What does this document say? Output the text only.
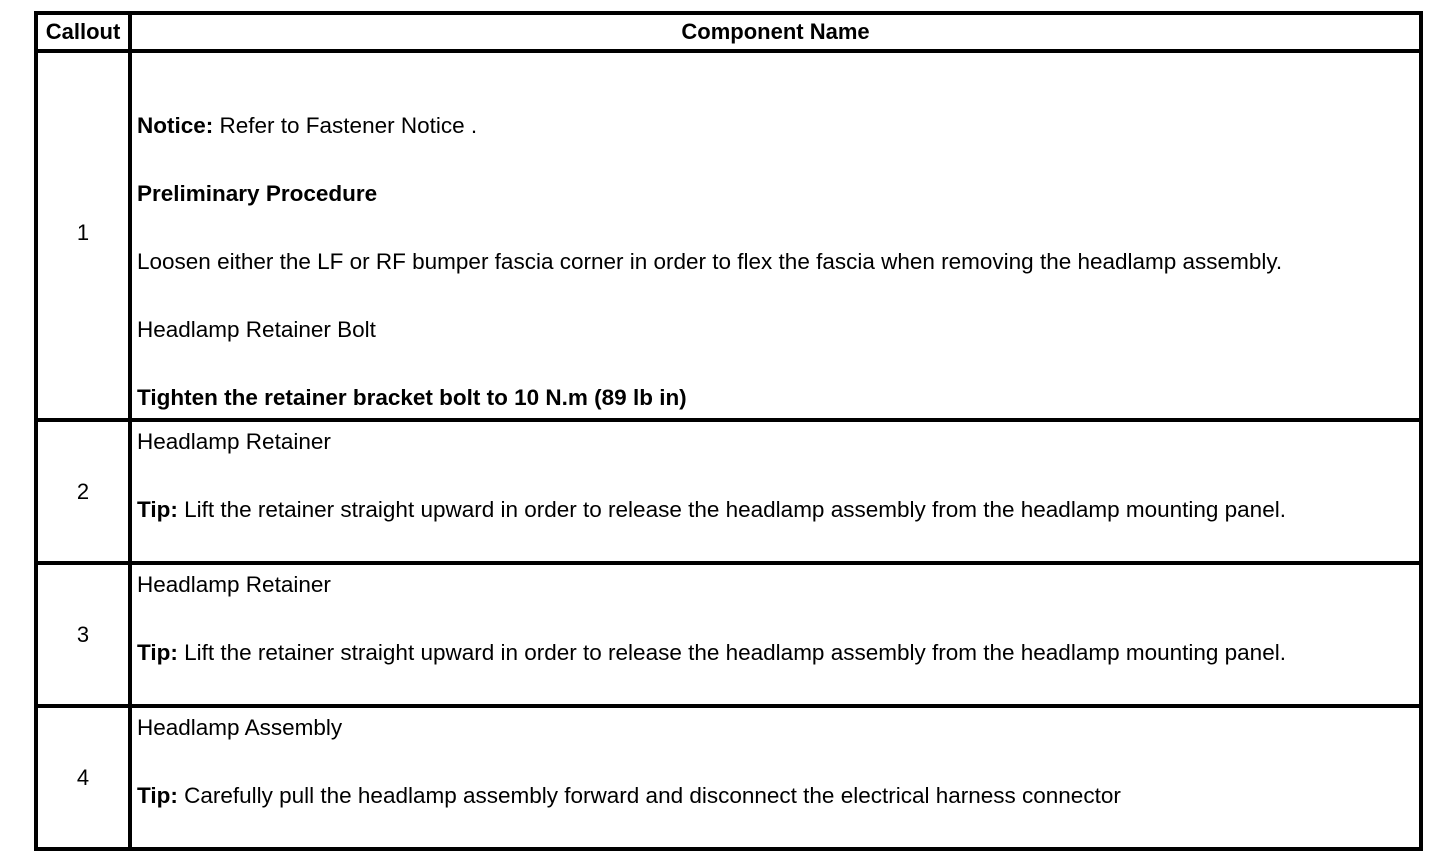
Callout	Component Name
1	Notice: Refer to Fastener Notice .
Preliminary Procedure
Loosen either the LF or RF bumper fascia corner in order to flex the fascia when removing the headlamp assembly.
Headlamp Retainer Bolt
Tighten the retainer bracket bolt to 10 N.m (89 lb in)

2	Headlamp Retainer
Tip: Lift the retainer straight upward in order to release the headlamp assembly from the headlamp mounting panel.

3	Headlamp Retainer
Tip: Lift the retainer straight upward in order to release the headlamp assembly from the headlamp mounting panel.

4	Headlamp Assembly
Tip: Carefully pull the headlamp assembly forward and disconnect the electrical harness connector
